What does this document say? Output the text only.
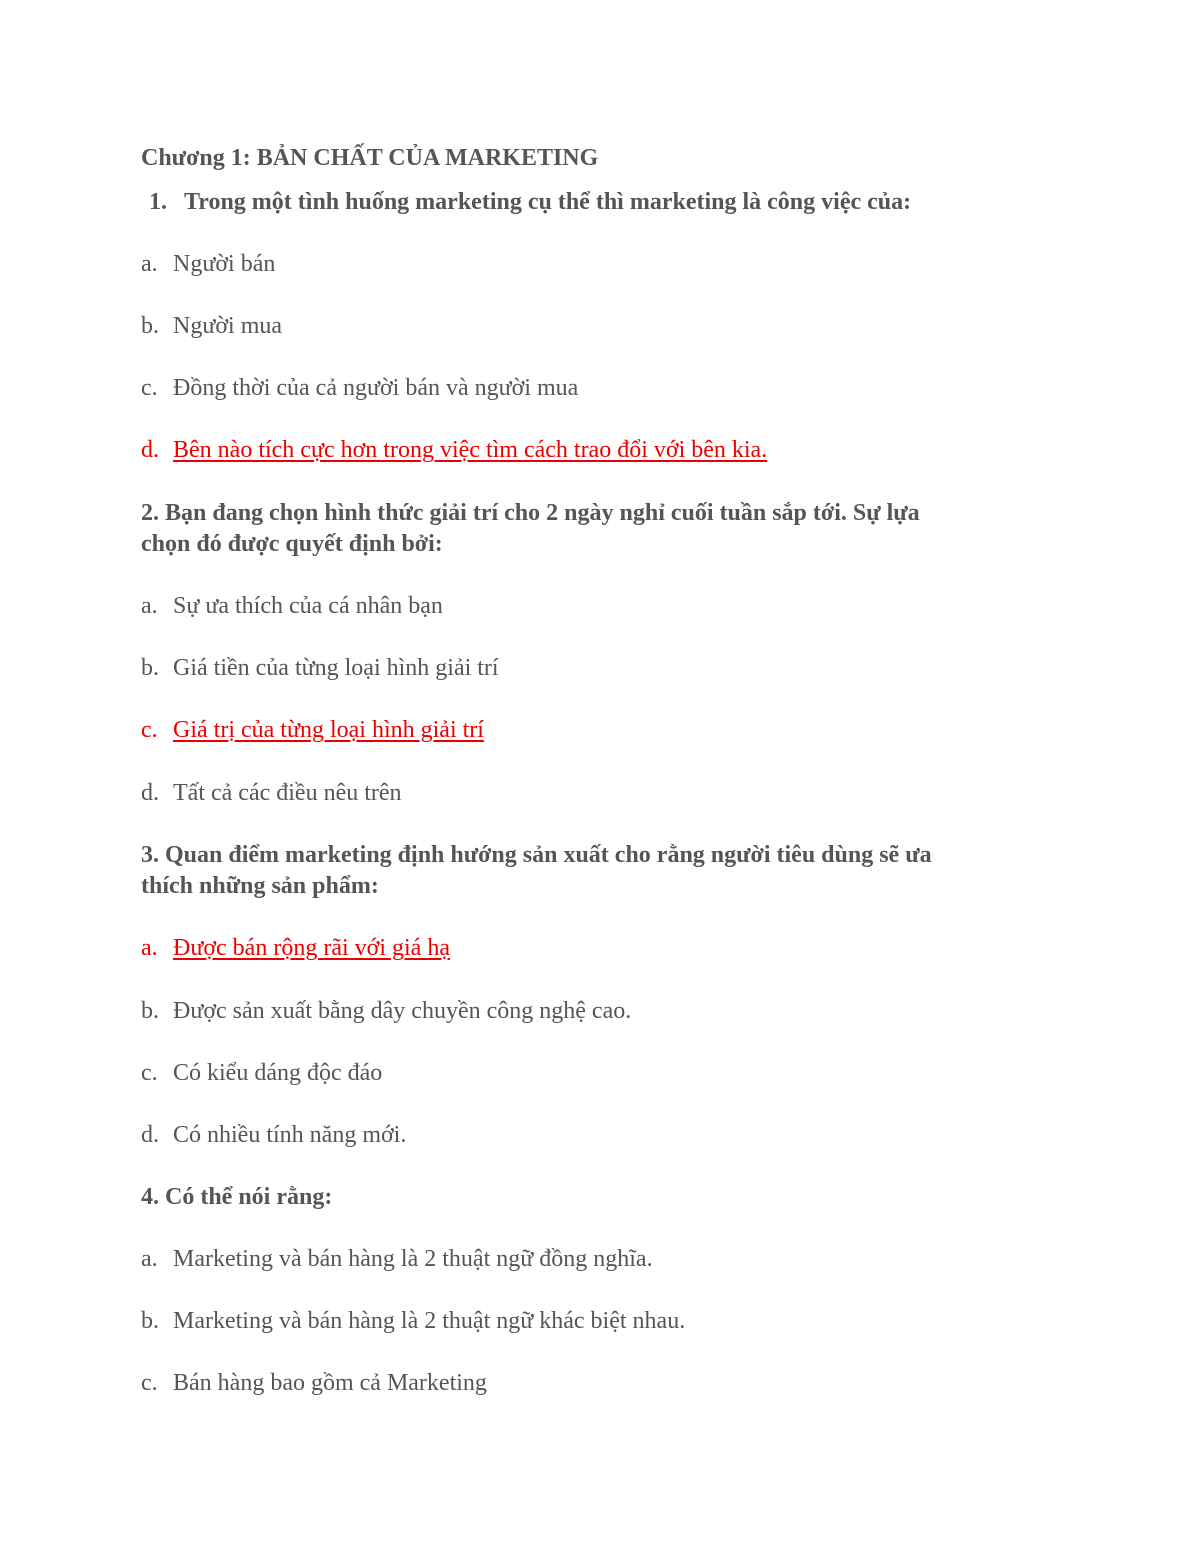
Chương 1: BẢN CHẤT CỦA MARKETING

1. Trong một tình huống marketing cụ thể thì marketing là công việc của:

a. Người bán

b. Người mua

c. Đồng thời của cả người bán và người mua

d. Bên nào tích cực hơn trong việc tìm cách trao đổi với bên kia.

2. Bạn đang chọn hình thức giải trí cho 2 ngày nghỉ cuối tuần sắp tới. Sự lựa

chọn đó được quyết định bởi:

a. Sự ưa thích của cá nhân bạn

b. Giá tiền của từng loại hình giải trí

c. Giá trị của từng loại hình giải trí

d. Tất cả các điều nêu trên

3. Quan điểm marketing định hướng sản xuất cho rằng người tiêu dùng sẽ ưa

thích những sản phẩm:

a. Được bán rộng rãi với giá hạ

b. Được sản xuất bằng dây chuyền công nghệ cao.

c. Có kiểu dáng độc đáo

d. Có nhiều tính năng mới.

4. Có thể nói rằng:

a. Marketing và bán hàng là 2 thuật ngữ đồng nghĩa.

b. Marketing và bán hàng là 2 thuật ngữ khác biệt nhau.

c. Bán hàng bao gồm cả Marketing
